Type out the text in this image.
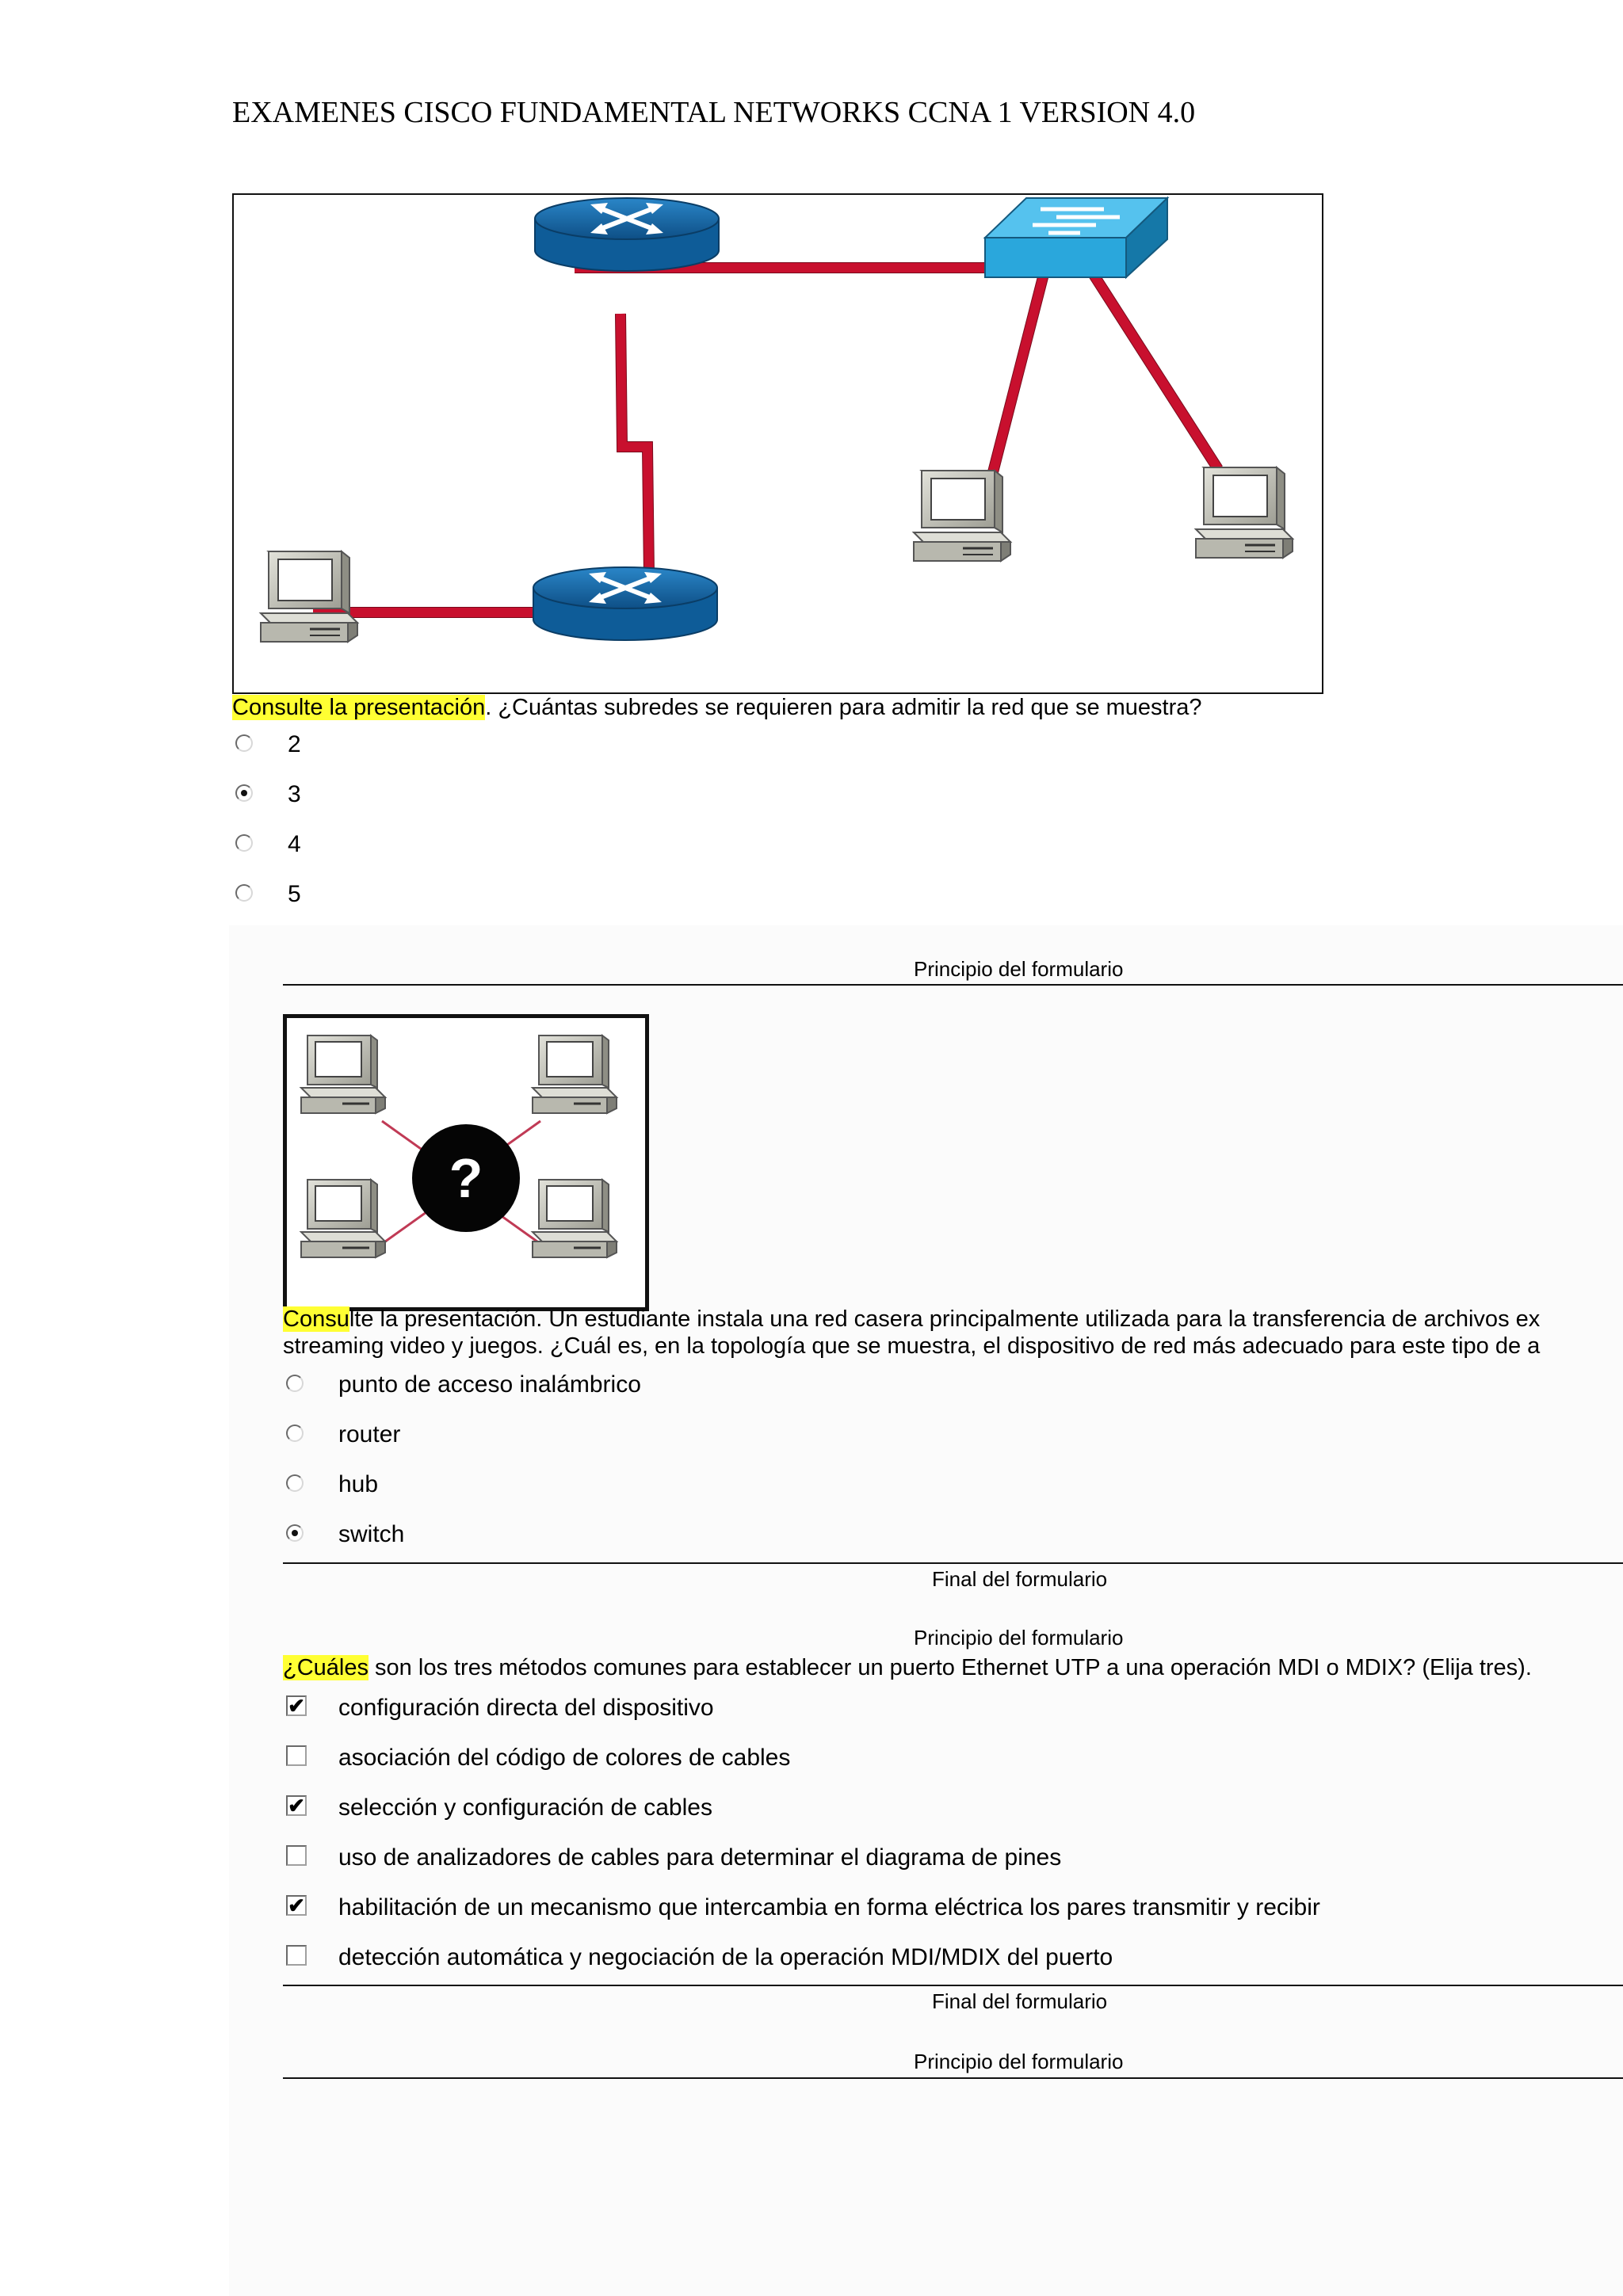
EXAMENES CISCO FUNDAMENTAL NETWORKS CCNA 1 VERSION 4.0
Consulte la presentación. ¿Cuántas subredes se requieren para admitir la red que se muestra?
2
3
4
5
Principio del formulario
?
Consulte la presentación. Un estudiante instala una red casera principalmente utilizada para la transferencia de archivos ex
streaming video y juegos. ¿Cuál es, en la topología que se muestra, el dispositivo de red más adecuado para este tipo de a
punto de acceso inalámbrico
router
hub
switch
Final del formulario
Principio del formulario
¿Cuáles son los tres métodos comunes para establecer un puerto Ethernet UTP a una operación MDI o MDIX? (Elija tres).
✔ configuración directa del dispositivo
asociación del código de colores de cables
✔ selección y configuración de cables
uso de analizadores de cables para determinar el diagrama de pines
✔ habilitación de un mecanismo que intercambia en forma eléctrica los pares transmitir y recibir
detección automática y negociación de la operación MDI/MDIX del puerto
Final del formulario
Principio del formulario
